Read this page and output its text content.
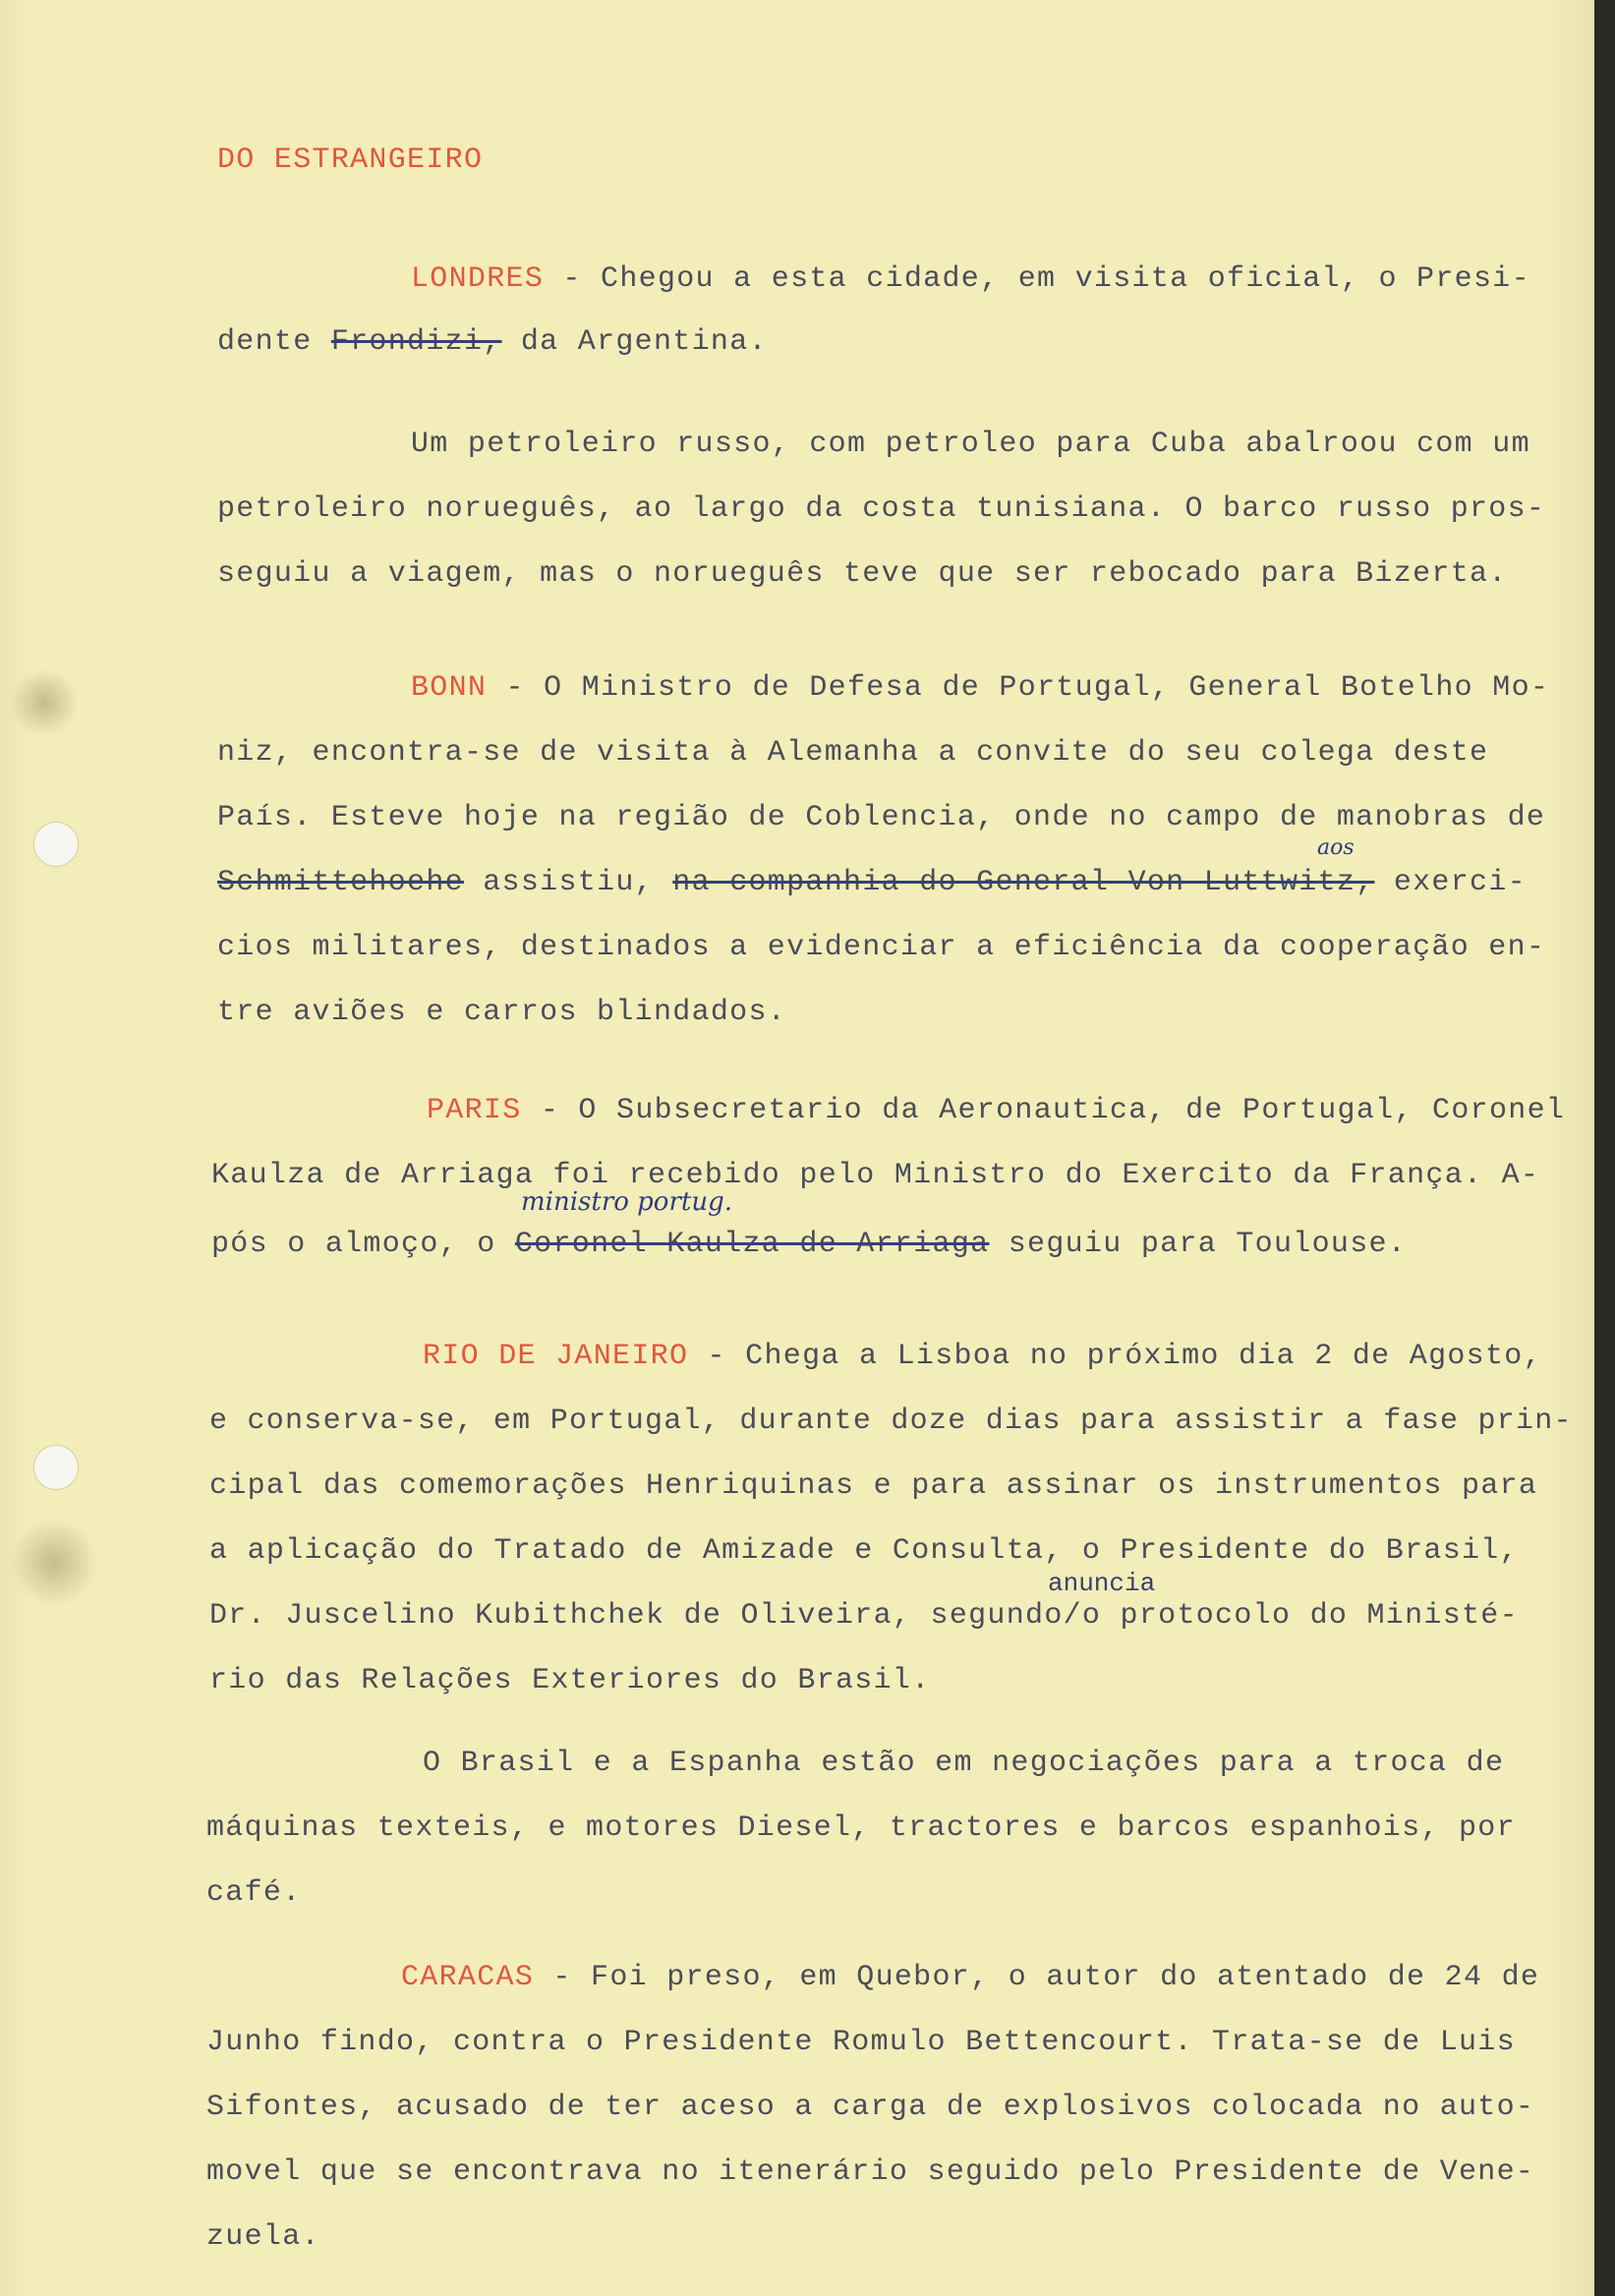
DO ESTRANGEIRO
LONDRES - Chegou a esta cidade, em visita oficial, o Presi-
dente Frondizi, da Argentina.
Um petroleiro russo, com petroleo para Cuba abalroou com um
petroleiro norueguês, ao largo da costa tunisiana. O barco russo pros-
seguiu a viagem, mas o norueguês teve que ser rebocado para Bizerta.
BONN - O Ministro de Defesa de Portugal, General Botelho Mo-
niz, encontra-se de visita à Alemanha a convite do seu colega deste
País. Esteve hoje na região de Coblencia, onde no campo de manobras de
aos
Schmittehoehe assistiu, na companhia do General Von Luttwitz, exerci-
cios militares, destinados a evidenciar a eficiência da cooperação en-
tre aviões e carros blindados.
PARIS - O Subsecretario da Aeronautica, de Portugal, Coronel
Kaulza de Arriaga foi recebido pelo Ministro do Exercito da França. A-
ministro portug.
pós o almoço, o Coronel Kaulza de Arriaga seguiu para Toulouse.
RIO DE JANEIRO - Chega a Lisboa no próximo dia 2 de Agosto,
e conserva-se, em Portugal, durante doze dias para assistir a fase prin-
cipal das comemorações Henriquinas e para assinar os instrumentos para
a aplicação do Tratado de Amizade e Consulta, o Presidente do Brasil,
anuncia
Dr. Juscelino Kubithchek de Oliveira, segundo/o protocolo do Ministé-
rio das Relações Exteriores do Brasil.
O Brasil e a Espanha estão em negociações para a troca de
máquinas texteis, e motores Diesel, tractores e barcos espanhois, por
café.
CARACAS - Foi preso, em Quebor, o autor do atentado de 24 de
Junho findo, contra o Presidente Romulo Bettencourt. Trata-se de Luis
Sifontes, acusado de ter aceso a carga de explosivos colocada no auto-
movel que se encontrava no itenerário seguido pelo Presidente de Vene-
zuela.
